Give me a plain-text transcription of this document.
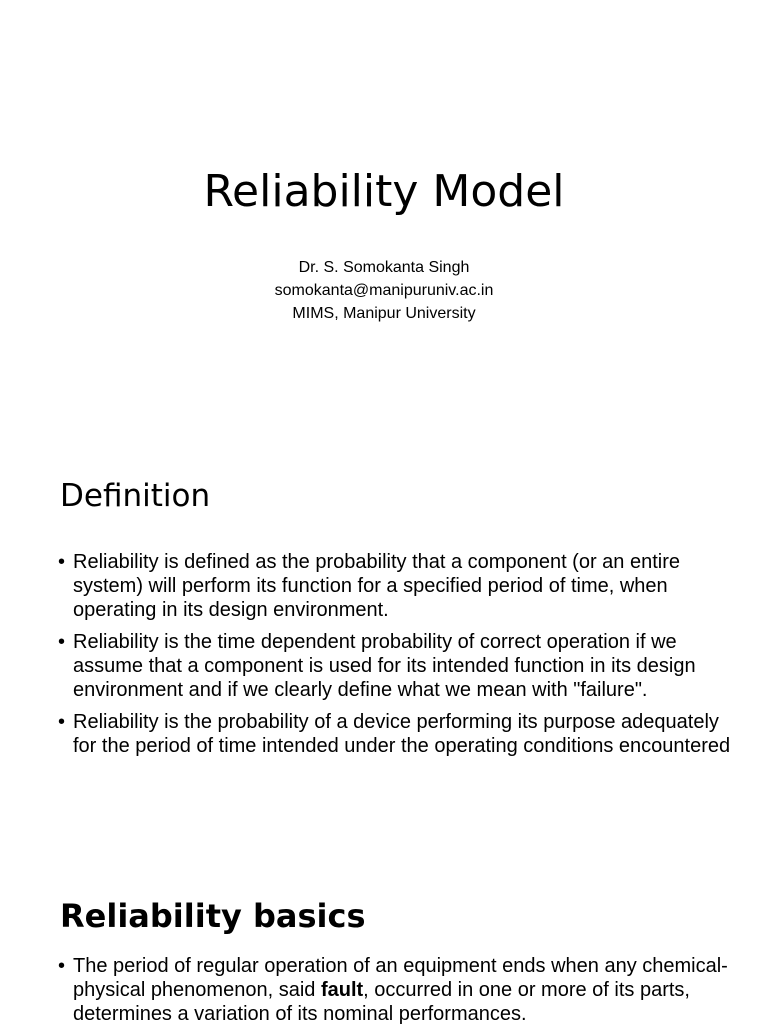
Reliability Model
Dr. S. Somokanta Singh
somokanta@manipuruniv.ac.in
MIMS, Manipur University
Definition
• Reliability is defined as the probability that a component (or an entire system) will perform its function for a specified period of time, when operating in its design environment.
• Reliability is the time dependent probability of correct operation if we assume that a component is used for its intended function in its design environment and if we clearly define what we mean with "failure".
• Reliability is the probability of a device performing its purpose adequately for the period of time intended under the operating conditions encountered
Reliability basics
• The period of regular operation of an equipment ends when any chemical-physical phenomenon, said fault, occurred in one or more of its parts, determines a variation of its nominal performances.
